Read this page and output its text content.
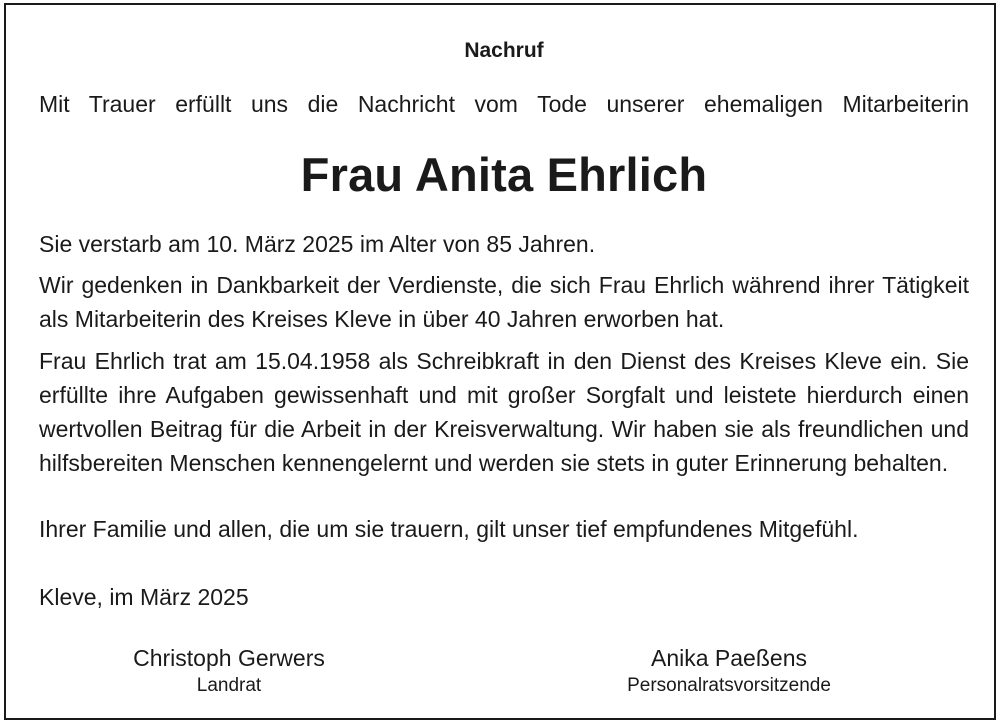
Nachruf
Mit Trauer erfüllt uns die Nachricht vom Tode unserer ehemaligen Mitarbeiterin
Frau Anita Ehrlich

Sie verstarb am 10. März 2025 im Alter von 85 Jahren.

Wir gedenken in Dankbarkeit der Verdienste, die sich Frau Ehrlich während ihrer Tätigkeit als Mitarbeiterin des Kreises Kleve in über 40 Jahren erworben hat.

Frau Ehrlich trat am 15.04.1958 als Schreibkraft in den Dienst des Kreises Kleve ein. Sie erfüllte ihre Aufgaben gewissenhaft und mit großer Sorgfalt und leistete hierdurch einen wertvollen Beitrag für die Arbeit in der Kreisverwaltung. Wir haben sie als freundlichen und hilfsbereiten Menschen kennengelernt und werden sie stets in guter Erinnerung behalten.

Ihrer Familie und allen, die um sie trauern, gilt unser tief empfundenes Mitgefühl.

Kleve, im März 2025

Christoph Gerwers
Landrat
Anika Paeßens
Personalratsvorsitzende
